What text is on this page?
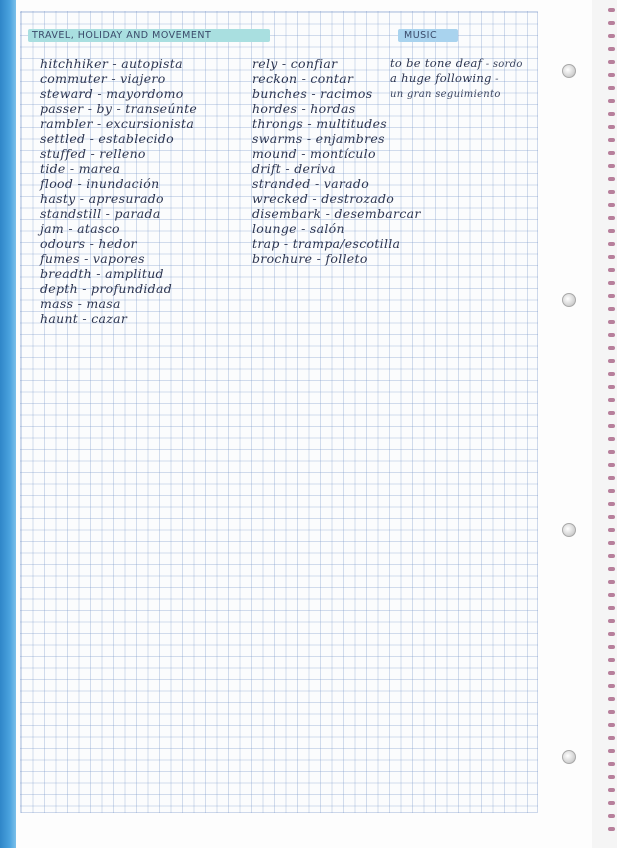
TRAVEL, HOLIDAY AND MOVEMENT	MUSIC
hitchhiker - autopista
commuter - viajero
steward - mayordomo
passer - by - transeúnte
rambler - excursionista
settled - establecido
stuffed - relleno
tide - marea
flood - inundación
hasty - apresurado
standstill - parada
jam - atasco
odours - hedor
fumes - vapores
breadth - amplitud
depth - profundidad
mass - masa
haunt - cazar
rely - confiar
reckon - contar
bunches - racimos
hordes - hordas
throngs - multitudes
swarms - enjambres
mound - montículo
drift - deriva
stranded - varado
wrecked - destrozado
disembark - desembarcar
lounge - salón
trap - trampa/escotilla
brochure - folleto
to be tone deaf - sordo
a huge following -
un gran seguimiento
